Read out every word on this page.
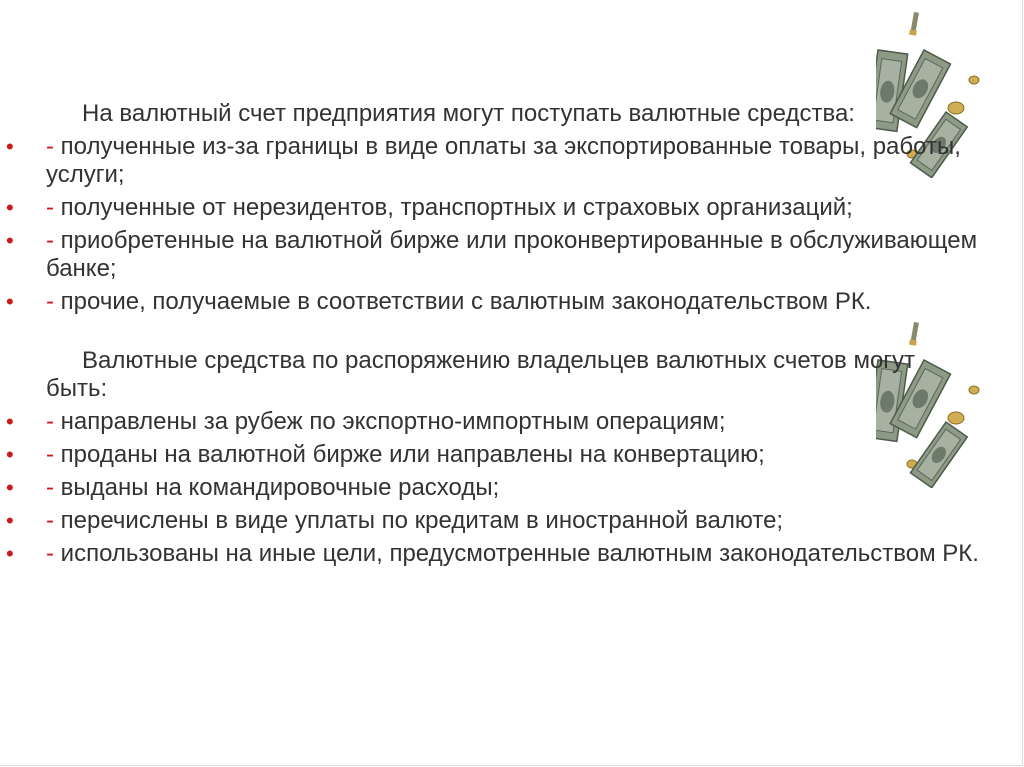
На валютный счет предприятия могут поступать валютные средства:

• - полученные из-за границы в виде оплаты за экспортированные товары, работы, услуги;
• - полученные от нерезидентов, транспортных и страховых организаций;
• - приобретенные на валютной бирже или проконвертированные в обслуживающем банке;
• - прочие, получаемые в соответствии с валютным законодательством РК.

Валютные средства по распоряжению владельцев валютных счетов могут быть:

• - направлены за рубеж по экспортно-импортным операциям;
• - проданы на валютной бирже или направлены на конвертацию;
• - выданы на командировочные расходы;
• - перечислены в виде уплаты по кредитам в иностранной валюте;
• - использованы на иные цели, предусмотренные валютным законодательством РК.
